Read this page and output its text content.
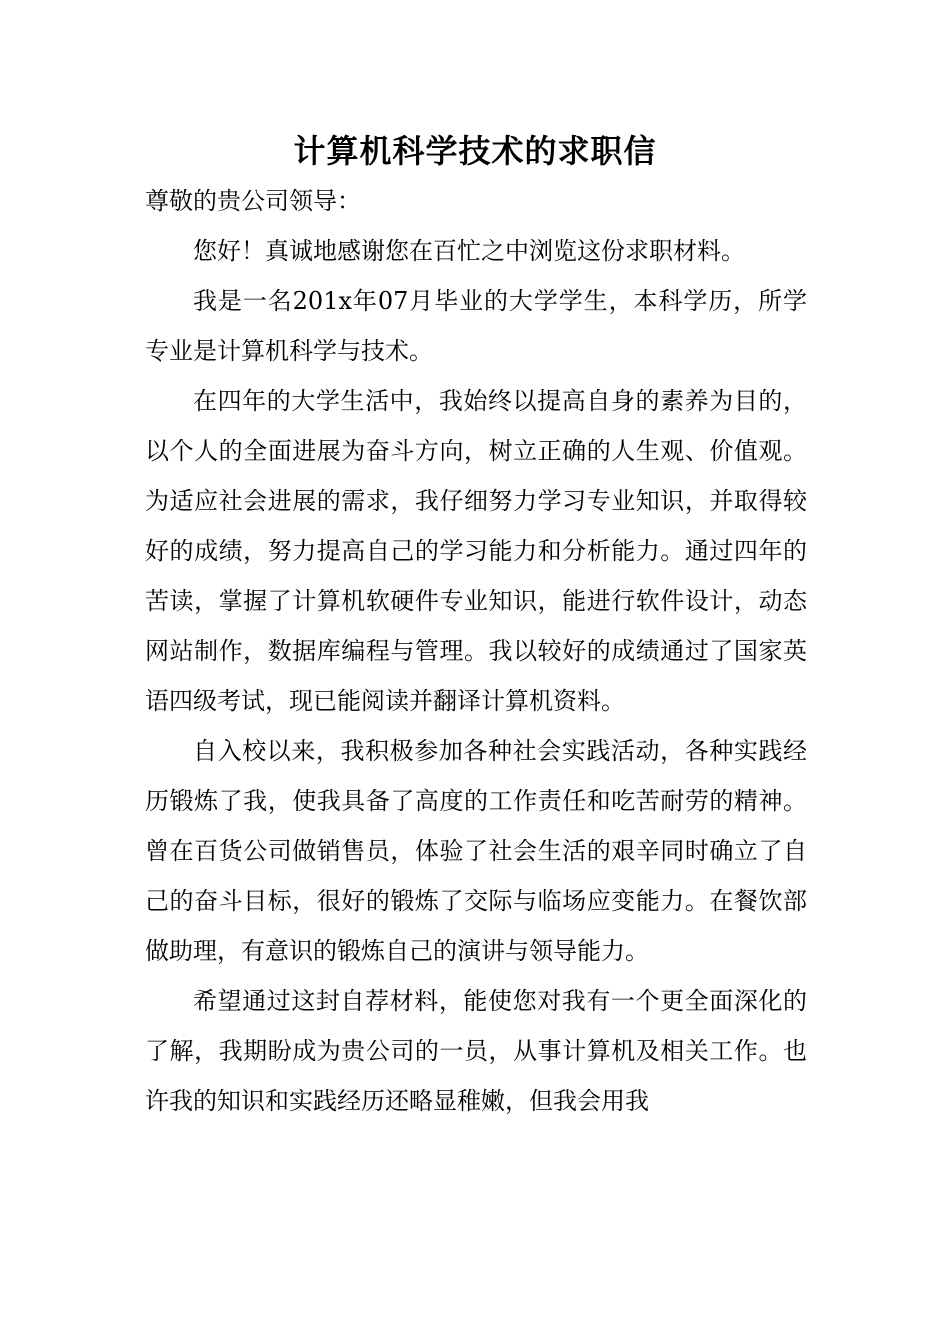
计算机科学技术的求职信

尊敬的贵公司领导：

您好！真诚地感谢您在百忙之中浏览这份求职材料。

我是一名201x年07月毕业的大学学生，本科学历，所学专业是计算机科学与技术。

在四年的大学生活中，我始终以提高自身的素养为目的，以个人的全面进展为奋斗方向，树立正确的人生观、价值观。为适应社会进展的需求，我仔细努力学习专业知识，并取得较好的成绩，努力提高自己的学习能力和分析能力。通过四年的苦读，掌握了计算机软硬件专业知识，能进行软件设计，动态网站制作，数据库编程与管理。我以较好的成绩通过了国家英语四级考试，现已能阅读并翻译计算机资料。

自入校以来，我积极参加各种社会实践活动，各种实践经历锻炼了我，使我具备了高度的工作责任和吃苦耐劳的精神。曾在百货公司做销售员，体验了社会生活的艰辛同时确立了自己的奋斗目标，很好的锻炼了交际与临场应变能力。在餐饮部做助理，有意识的锻炼自己的演讲与领导能力。

希望通过这封自荐材料，能使您对我有一个更全面深化的了解，我期盼成为贵公司的一员，从事计算机及相关工作。也许我的知识和实践经历还略显稚嫩，但我会用我
